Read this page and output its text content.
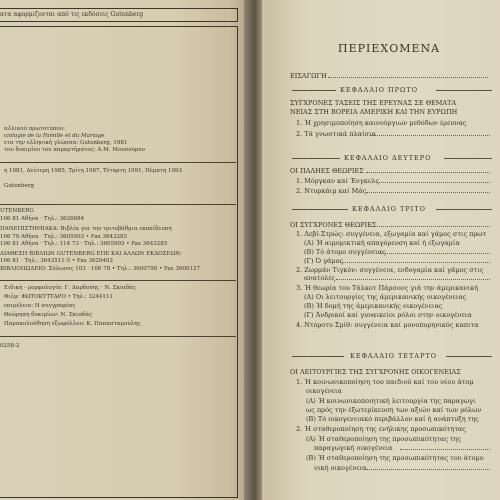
ατα αφορμιζονται από τις εκδόσεις Gutenberg
αλλικού πρωτοτύπου:
ciologie de la Famille et du Mariage
ετα την ελληνική γλώσσα: Gutenberg, 1981
του δοκιμίου του παραρτήματος: Α.Μ. Μουσούρου
η 1981, Δεύτερη 1985, Τρίτη 1987, Τέταρτη 1991, Πέμπτη 1993
Gutenberg
UTENBERG
106 81 Αθήνα · Τηλ.: 3626684
ΠΑΝΕΠΙΣΤΗΜΙΑΚΑ: Βιβλία για την τριτοβάθμια εκπαίδευση
106 79 Αθήνα · Τηλ.: 3605903 • Fax 3643285
106 81 Αθήνα · Τηλ.: 114 73 · Τηλ.: 3605903 • Fax 3643285
ΔΙΑΘΕΣΗ ΒΙΒΛΙΩΝ GUTENBERG ΕΠΕ ΚΑΙ ΑΛΛΩΝ ΕΚΔΟΣΕΩΝ:
106 81 · Τηλ.: 3643511-5 • Fax 3629402
ΒΙΒΛΙΟΠΩΛΕΙΟ: Σόλωνος 103 · 106 78 • Τηλ.: 3600798 • Fax 3600127
Ειδική - μορφολογία: Γ. Δαρδούης · Ν. Σκιαδάς
Φιλμ: ΦΩΤΟΚΥΤΤΑΡΟ • Τηλ.: 3244111
επιμέλεια: Η συγγραφέας
Θεώρηση δοκιμίων: Ν. Σκιαδάς
Παρακολούθηση εξωφύλλου: Κ. Παπασταμούλης
0258-2
ΠΕΡΙΕΧΟΜΕΝΑ
ΕΙΣΑΓΩΓΗ
ΚΕΦΑΛΑΙΟ ΠΡΩΤΟ
ΣΥΓΧΡΟΝΕΣ ΤΑΣΕΙΣ ΤΗΣ ΕΡΕΥΝΑΣ ΣΕ ΘΕΜΑΤΑ
ΝΕΙΑΣ ΣΤΗ ΒΟΡΕΙΑ ΑΜΕΡΙΚΗ ΚΑΙ ΤΗΝ ΕΥΡΩΠΗ
1. Ή χρησιμοποίηση καινούργιων μεθόδων έρευνας
2. Τά γνωστικά πλαίσια
ΚΕΦΑΛΑΙΟ ΔΕΥΤΕΡΟ
ΟΙ ΠΑΛΗΕΣ ΘΕΩΡΙΕΣ
1. Μόργκαν καί Ένγκελς
2. Ντυρκάιμ καί Μάς
ΚΕΦΑΛΑΙΟ ΤΡΙΤΟ
ΟΙ ΣΥΓΧΡΟΝΕΣ ΘΕΩΡΙΕΣ
1. Λεβί-Στρώς: συγγένεια, εξωγαμία καί γάμος στις πρωτ
(Α) Ή αιμομικτική απαγόρευση καί ή εξωγαμία
(Β) Τό άτομο συγγένειας
(Γ) Ό γάμος
2. Ζωρμάν Τιγκόν: συγγένεια, ενδογαμία καί γάμος στις
ανατολές
3. Ή θεωρία του Τάλκοτ Πάρσονς γιά την άμερικανική
(Α) Οι λειτουργίες της άμερικανικής οικογένειας
(Β) Ή δομή της άμερικανικής οικογένειας
(Γ) Άνδρικοί καί γυναικείοι ρόλοι στην οικογένεια
4. Ντόροτυ Σμίθ: συγγένεια καί μονοπυρηνικός καπιτα
ΚΕΦΑΛΑΙΟ ΤΕΤΑΡΤΟ
ΟΙ ΛΕΙΤΟΥΡΓΙΕΣ ΤΗΣ ΣΥΓΧΡΟΝΗΣ ΟΙΚΟΓΕΝΕΙΑΣ
1. Ή κοινωνικοποίηση του παιδιού καί του νέου άτομ
οικογένεια
(Α) Ή κοινωνικοποιητική λειτουργία της παραγωγι
ως πρός την έξωτερίκευση των αξιών καί των ρόλων
(Β) Τό οικογενειακό περιβάλλον καί ή ανάπτυξη της
2. Ή σταθεροποίηση της ενήλικης προσωπικότητας
(Α) Ή σταθεροποίηση της προσωπικότητας της
παραγωγική οικογένεια
(Β) Ή σταθεροποίηση της προσωπικότητας του άτομο
νική οικογένεια
